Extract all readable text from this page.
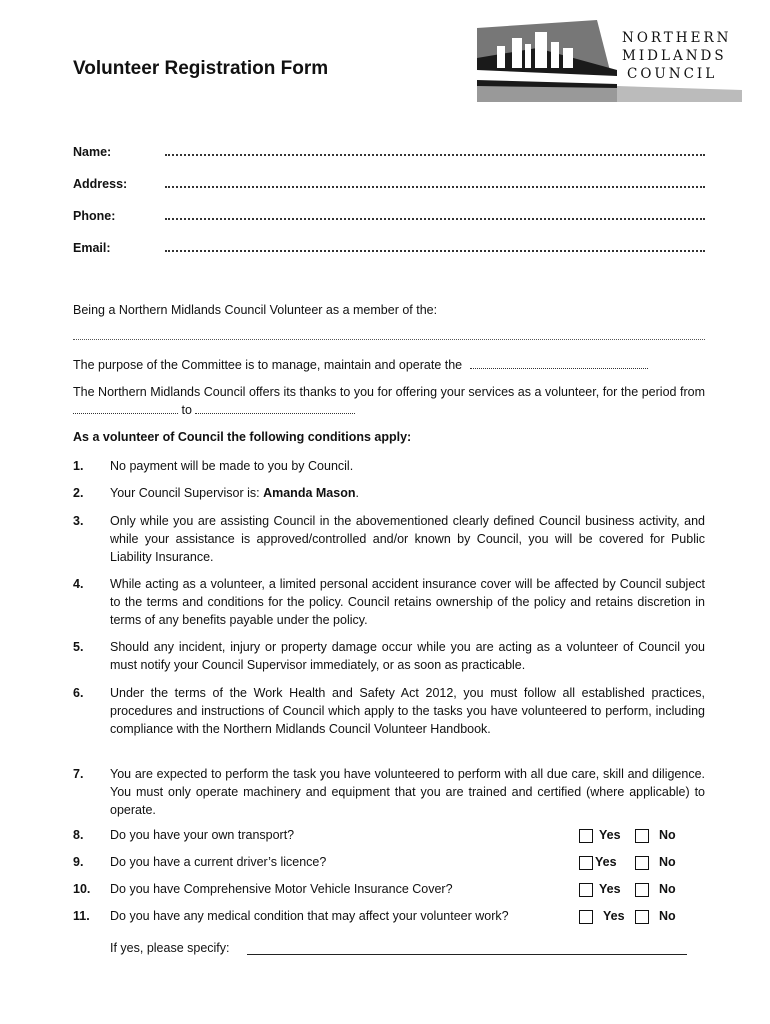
Volunteer Registration Form
NORTHERN
MIDLANDS
COUNCIL
Name:
Address:
Phone:
Email:
Being a Northern Midlands Council Volunteer as a member of the:
The purpose of the Committee is to manage, maintain and operate the
The Northern Midlands Council offers its thanks to you for offering your services as a volunteer, for the period from  to
As a volunteer of Council the following conditions apply:
1. No payment will be made to you by Council.
2. Your Council Supervisor is: Amanda Mason.
3. Only while you are assisting Council in the abovementioned clearly defined Council business activity, and while your assistance is approved/controlled and/or known by Council, you will be covered for Public Liability Insurance.
4. While acting as a volunteer, a limited personal accident insurance cover will be affected by Council subject to the terms and conditions for the policy. Council retains ownership of the policy and retains discretion in terms of any benefits payable under the policy.
5. Should any incident, injury or property damage occur while you are acting as a volunteer of Council you must notify your Council Supervisor immediately, or as soon as practicable.
6. Under the terms of the Work Health and Safety Act 2012, you must follow all established practices, procedures and instructions of Council which apply to the tasks you have volunteered to perform, including compliance with the Northern Midlands Council Volunteer Handbook.
7. You are expected to perform the task you have volunteered to perform with all due care, skill and diligence. You must only operate machinery and equipment that you are trained and certified (where applicable) to operate.
8. Do you have your own transport?	Yes	No
9. Do you have a current driver’s licence?	Yes	No
10. Do you have Comprehensive Motor Vehicle Insurance Cover?	Yes	No
11. Do you have any medical condition that may affect your volunteer work?	Yes	No
If yes, please specify:
